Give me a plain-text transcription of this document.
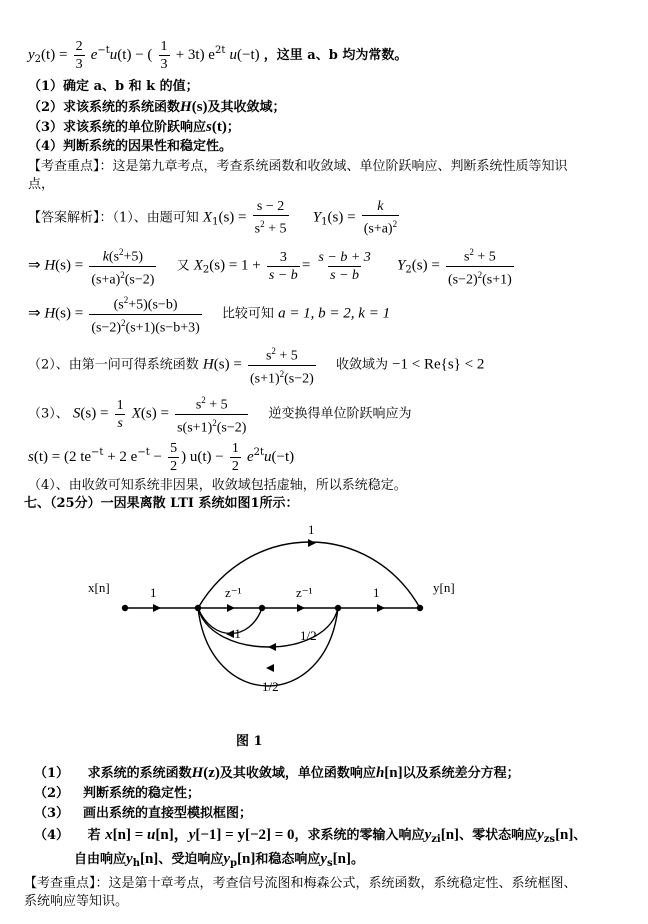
$y_2(t) = \frac{2}{3} e^{-t}u(t)$ − ( $\frac{1}{3} + 3t$) $e^{2t}$ u(−t) ，这里 a、b 均为常数。
（1）确定 a、b 和 k 的值；
（2）求该系统的系统函数H(s)及其收敛域；
（3）求该系统的单位阶跃响应s(t)；
（4）判断系统的因果性和稳定性。
【考查重点】：这是第九章考点，考查系统函数和收敛域、单位阶跃响应、判断系统性质等知识
点，
【答案解析】：（1）、由题可知 $X_1(s) = \frac{s - 2}{s^2 + 5} Y_1(s) = \frac{k}{(s+a)^2}$
⇒ $H(s) = \frac{k(s^2+5)}{(s+a)^2(s-2)}$ 又 $X_2(s) = 1 + \frac{3}{s - b} = \frac{s - b + 3}{s - b} Y_2(s) = \frac{s^2 + 5}{(s-2)^2(s+1)}$
⇒ $H(s) = \frac{(s^2+5)(s-b)}{(s-2)^2(s+1)(s-b+3)}$ 比较可知 a = 1, b = 2, k = 1
（2）、由第一问可得系统函数 $H(s) = \frac{s^2 + 5}{(s+1)^2(s-2)}$ 收敛域为 −1 < Re{s} < 2
（3）、 $S(s) = \frac{1}{s} X(s) = \frac{s^2 + 5}{s(s+1)^2(s-2)}$ 逆变换得单位阶跃响应为
s(t) = (2 $te^{-t} + 2$ $e^{-t} - \frac{5}{2}$ ) $u(t) - \frac{1}{2} e^{2t}u(-t)$
（4）、由收敛可知系统非因果，收敛域包括虚轴，所以系统稳定。
七、（25分）一因果离散 LTI 系统如图1所示：
x[n]	y[n]
1
1
z⁻¹	z⁻¹	1
-1	1/2
1/2
图 1
（1） 求系统的系统函数H(z)及其收敛域，单位函数响应h[n]以及系统差分方程；
（2） 判断系统的稳定性；
（3） 画出系统的直接型模拟框图；
（4） 若 x[n] = u[n]，y[−1] = y[−2] = 0，求系统的零输入响应$y_{zi}[n]$、零状态响应$y_{zs}[n]$、
自由响应$y_h[n]$、受迫响应$y_p[n]$和稳态响应$y_s[n]$。
【考查重点】：这是第十章考点，考查信号流图和梅森公式，系统函数，系统稳定性、系统框图、
系统响应等知识。
